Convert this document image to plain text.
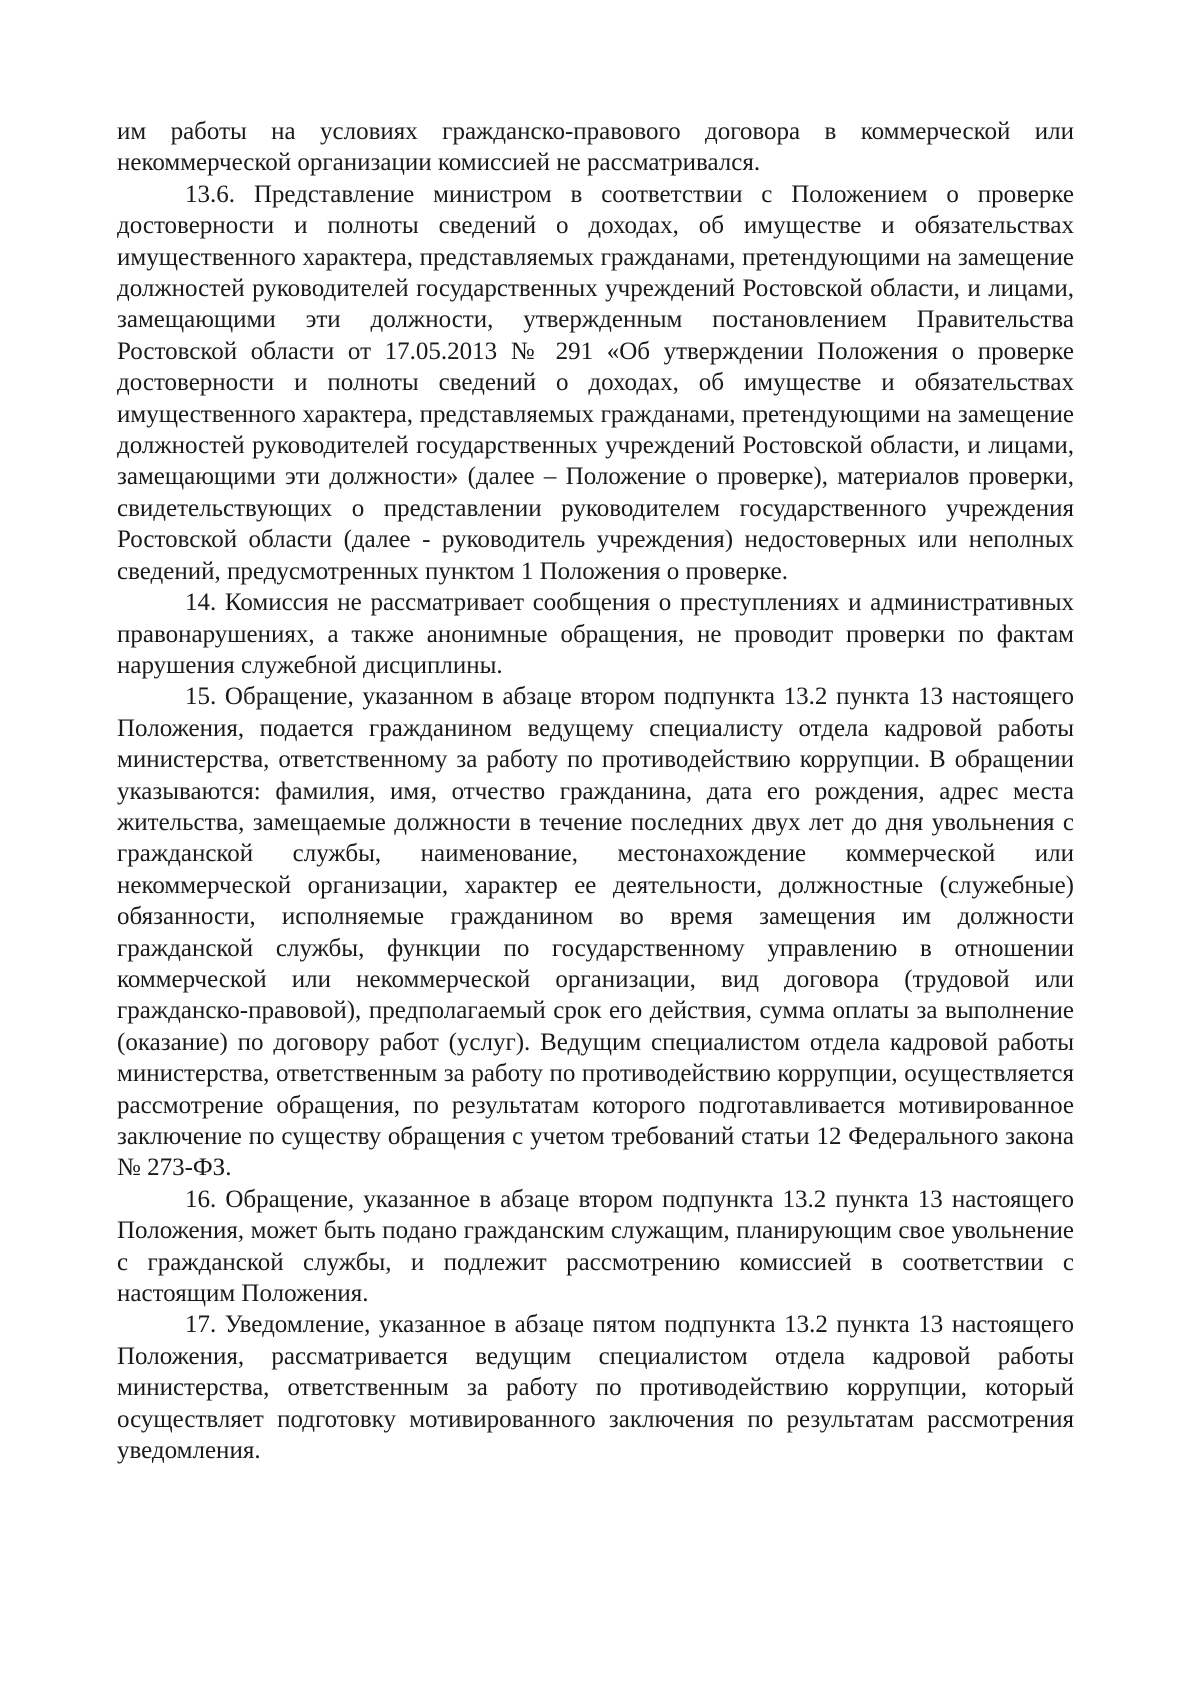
им работы на условиях гражданско-правового договора в коммерческой или некоммерческой организации комиссией не рассматривался.

13.6. Представление министром в соответствии с Положением о проверке достоверности и полноты сведений о доходах, об имуществе и обязательствах имущественного характера, представляемых гражданами, претендующими на замещение должностей руководителей государственных учреждений Ростовской области, и лицами, замещающими эти должности, утвержденным постановлением Правительства Ростовской области от 17.05.2013 № 291 «Об утверждении Положения о проверке достоверности и полноты сведений о доходах, об имуществе и обязательствах имущественного характера, представляемых гражданами, претендующими на замещение должностей руководителей государственных учреждений Ростовской области, и лицами, замещающими эти должности» (далее – Положение о проверке), материалов проверки, свидетельствующих о представлении руководителем государственного учреждения Ростовской области (далее - руководитель учреждения) недостоверных или неполных сведений, предусмотренных пунктом 1 Положения о проверке.

14. Комиссия не рассматривает сообщения о преступлениях и административных правонарушениях, а также анонимные обращения, не проводит проверки по фактам нарушения служебной дисциплины.

15. Обращение, указанном в абзаце втором подпункта 13.2 пункта 13 настоящего Положения, подается гражданином ведущему специалисту отдела кадровой работы министерства, ответственному за работу по противодействию коррупции. В обращении указываются: фамилия, имя, отчество гражданина, дата его рождения, адрес места жительства, замещаемые должности в течение последних двух лет до дня увольнения с гражданской службы, наименование, местонахождение коммерческой или некоммерческой организации, характер ее деятельности, должностные (служебные) обязанности, исполняемые гражданином во время замещения им должности гражданской службы, функции по государственному управлению в отношении коммерческой или некоммерческой организации, вид договора (трудовой или гражданско-правовой), предполагаемый срок его действия, сумма оплаты за выполнение (оказание) по договору работ (услуг). Ведущим специалистом отдела кадровой работы министерства, ответственным за работу по противодействию коррупции, осуществляется рассмотрение обращения, по результатам которого подготавливается мотивированное заключение по существу обращения с учетом требований статьи 12 Федерального закона № 273-ФЗ.

16. Обращение, указанное в абзаце втором подпункта 13.2 пункта 13 настоящего Положения, может быть подано гражданским служащим, планирующим свое увольнение с гражданской службы, и подлежит рассмотрению комиссией в соответствии с настоящим Положения.

17. Уведомление, указанное в абзаце пятом подпункта 13.2 пункта 13 настоящего Положения, рассматривается ведущим специалистом отдела кадровой работы министерства, ответственным за работу по противодействию коррупции, который осуществляет подготовку мотивированного заключения по результатам рассмотрения уведомления.
